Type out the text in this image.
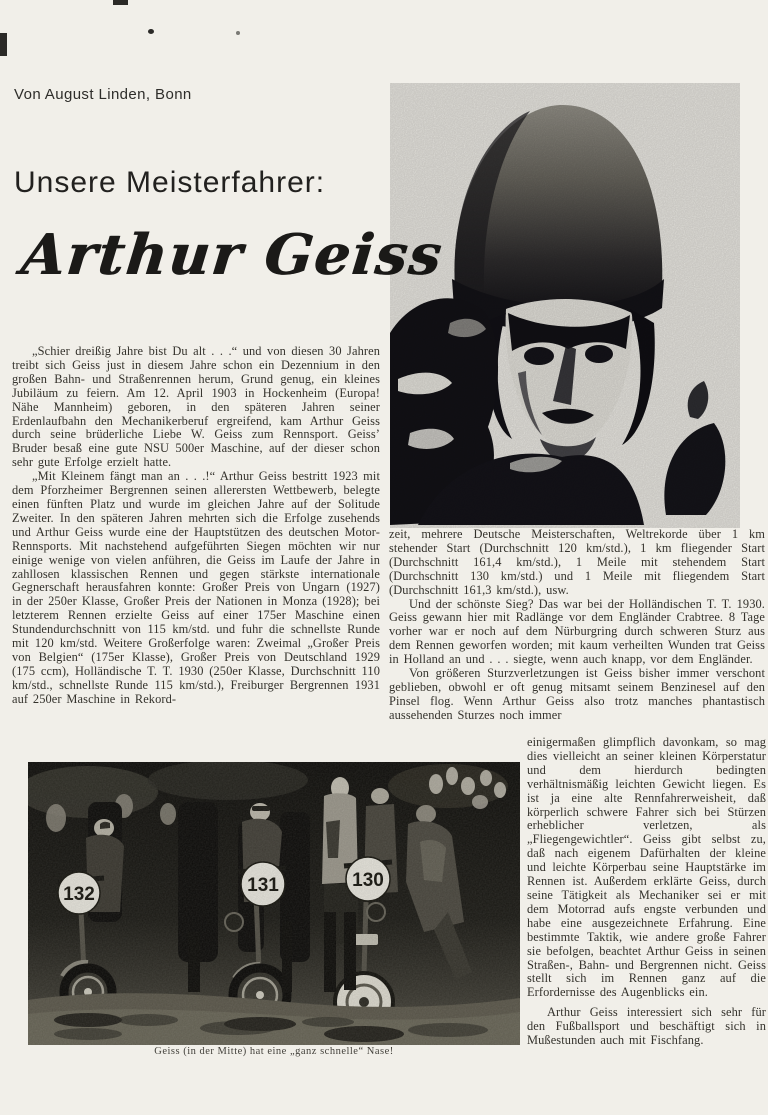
Von August Linden, Bonn
Unsere Meisterfahrer:
Arthur Geiss

„Schier dreißig Jahre bist Du alt . . .“ und von diesen 30 Jahren treibt sich Geiss just in diesem Jahre schon ein Dezennium in den großen Bahn- und Straßenrennen herum, Grund genug, ein kleines Jubiläum zu feiern. Am 12. April 1903 in Hockenheim (Europa! Nähe Mannheim) geboren, in den späteren Jahren seiner Erdenlaufbahn den Mechanikerberuf ergreifend, kam Arthur Geiss durch seine brüderliche Liebe W. Geiss zum Rennsport. Geiss’ Bruder besaß eine gute NSU 500er Maschine, auf der dieser schon sehr gute Erfolge erzielt hatte.

„Mit Kleinem fängt man an . . .!“ Arthur Geiss bestritt 1923 mit dem Pforzheimer Bergrennen seinen allerersten Wettbewerb, belegte einen fünften Platz und wurde im gleichen Jahre auf der Solitude Zweiter. In den späteren Jahren mehrten sich die Erfolge zusehends und Arthur Geiss wurde eine der Hauptstützen des deutschen Motor-Rennsports. Mit nachstehend aufgeführten Siegen möchten wir nur einige wenige von vielen anführen, die Geiss im Laufe der Jahre in zahllosen klassischen Rennen und gegen stärkste internationale Gegnerschaft herausfahren konnte: Großer Preis von Ungarn (1927) in der 250er Klasse, Großer Preis der Nationen in Monza (1928); bei letzterem Rennen erzielte Geiss auf einer 175er Maschine einen Stundendurchschnitt von 115 km/std. und fuhr die schnellste Runde mit 120 km/std. Weitere Großerfolge waren: Zweimal „Großer Preis von Belgien“ (175er Klasse), Großer Preis von Deutschland 1929 (175 ccm), Holländische T. T. 1930 (250er Klasse, Durchschnitt 110 km/std., schnellste Runde 115 km/std.), Freiburger Bergrennen 1931 auf 250er Maschine in Rekord-

zeit, mehrere Deutsche Meisterschaften, Weltrekorde über 1 km stehender Start (Durchschnitt 120 km/std.), 1 km fliegender Start (Durchschnitt 161,4 km/std.), 1 Meile mit stehendem Start (Durchschnitt 130 km/std.) und 1 Meile mit fliegendem Start (Durchschnitt 161,3 km/std.), usw.

Und der schönste Sieg? Das war bei der Holländischen T. T. 1930. Geiss gewann hier mit Radlänge vor dem Engländer Crabtree. 8 Tage vorher war er noch auf dem Nürburgring durch schweren Sturz aus dem Rennen geworfen worden; mit kaum verheilten Wunden trat Geiss in Holland an und . . . siegte, wenn auch knapp, vor dem Engländer.

Von größeren Sturzverletzungen ist Geiss bisher immer verschont geblieben, obwohl er oft genug mitsamt seinem Benzinesel auf den Pinsel flog. Wenn Arthur Geiss also trotz manches phantastisch aussehenden Sturzes noch immer

einigermaßen glimpflich davonkam, so mag dies vielleicht an seiner kleinen Körperstatur und dem hierdurch bedingten verhältnismäßig leichten Gewicht liegen. Es ist ja eine alte Rennfahrerweisheit, daß körperlich schwere Fahrer sich bei Stürzen erheblicher verletzen, als „Fliegengewichtler“. Geiss gibt selbst zu, daß nach eigenem Dafürhalten der kleine und leichte Körperbau seine Hauptstärke im Rennen ist. Außerdem erklärte Geiss, durch seine Tätigkeit als Mechaniker sei er mit dem Motorrad aufs engste verbunden und habe eine ausgezeichnete Erfahrung. Eine bestimmte Taktik, wie andere große Fahrer sie befolgen, beachtet Arthur Geiss in seinen Straßen-, Bahn- und Bergrennen nicht. Geiss stellt sich im Rennen ganz auf die Erfordernisse des Augenblicks ein.

Arthur Geiss interessiert sich sehr für den Fußballsport und beschäftigt sich in Mußestunden auch mit Fischfang.

132	131	130
Geiss (in der Mitte) hat eine „ganz schnelle“ Nase!
